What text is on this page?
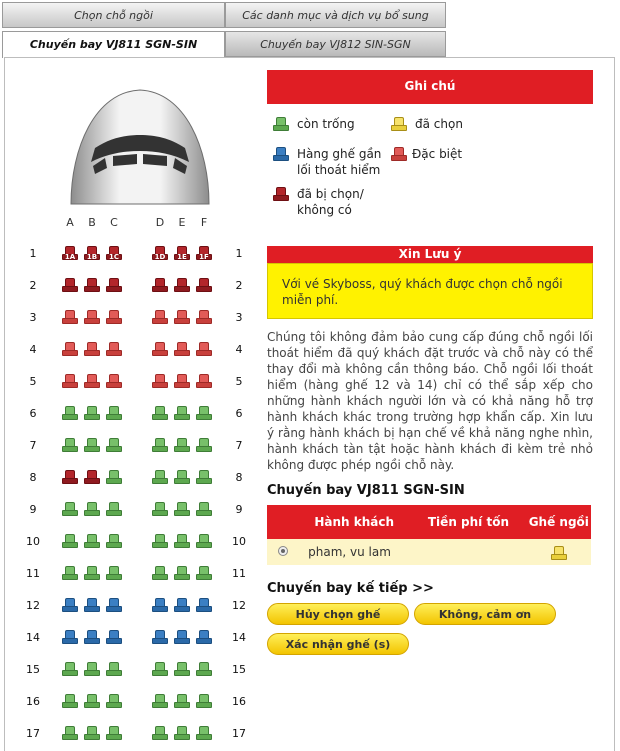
Chọn chỗ ngồi	Các danh mục và dịch vụ bổ sung
Chuyến bay VJ811 SGN-SIN	Chuyến bay VJ812 SIN-SGN
A	B	C	D	E	F
1	1A	1B	1C	1D	1E	1F	1
2	2
3	3
4	4
5	5
6	6
7	7
8	8
9	9
10	10
11	11
12	12
14	14
15	15
16	16
17	17
Ghi chú
còn trống	đã chọn
Hàng ghế gần lối thoát hiểm
Đặc biệt
đã bị chọn/ không có
Xin Lưu ý
Với vé Skyboss, quý khách được chọn chỗ ngồi miễn phí.
Chúng tôi không đảm bảo cung cấp đúng chỗ ngồi lối thoát hiểm đã quý khách đặt trước và chỗ này có thể thay đổi mà không cần thông báo. Chỗ ngồi lối thoát hiểm (hàng ghế 12 và 14) chỉ có thể sắp xếp cho những hành khách người lớn và có khả năng hỗ trợ hành khách khác trong trường hợp khẩn cấp. Xin lưu ý rằng hành khách bị hạn chế về khả năng nghe nhìn, hành khách tàn tật hoặc hành khách đi kèm trẻ nhỏ không được phép ngồi chỗ này.
Chuyến bay VJ811 SGN-SIN
	Hành khách	Tiền phí tốn	Ghế ngồi
	pham, vu lam		
Chuyến bay kế tiếp >>
Hủy chọn ghế	Không, cảm ơn
Xác nhận ghế (s)
